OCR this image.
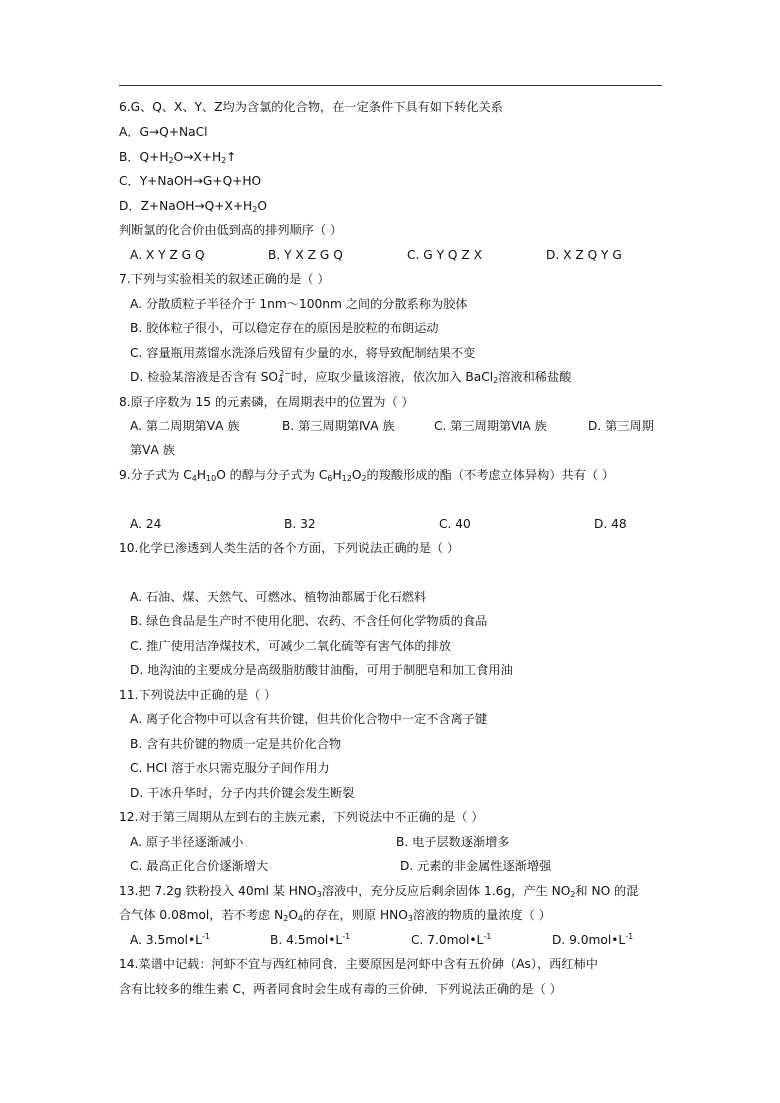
6.G、Q、X、Y、Z均为含氯的化合物，在一定条件下具有如下转化关系
A．G→Q+NaCl
B．$Q+H_2O\to X+H_2↑$
C．Y+NaOH→G+Q+HO
D．$Z+NaOH\to Q+X+H_2O$
判断氯的化合价由低到高的排列顺序（ ）
A. X Y Z G Q	B. Y X Z G Q	C. G Y Q Z X	D. X Z Q Y G
7.下列与实验相关的叙述正确的是（ ）
A. 分散质粒子半径介于 1nm～100nm 之间的分散系称为胶体
B. 胶体粒子很小，可以稳定存在的原因是胶粒的布朗运动
C. 容量瓶用蒸馏水洗涤后残留有少量的水，将导致配制结果不变
D. 检验某溶液是否含有 $SO_4^{2-}$时，应取少量该溶液，依次加入 BaCl$_2$溶液和稀盐酸
8.原子序数为 15 的元素磷，在周期表中的位置为（ ）
A. 第二周期第ⅤA 族	B. 第三周期第ⅣA 族	C. 第三周期第ⅥA 族	D. 第三周期
第ⅤA 族
9.分子式为 $C_4H_{10}O$ 的醇与分子式为 $C_6H_{12}O_2$的羧酸形成的酯（不考虑立体异构）共有（ ）
A. 24	B. 32	C. 40	D. 48
10.化学已渗透到人类生活的各个方面，下列说法正确的是（ ）
A. 石油、煤、天然气、可燃冰、植物油都属于化石燃料
B. 绿色食品是生产时不使用化肥、农药、不含任何化学物质的食品
C. 推广使用洁净煤技术，可减少二氧化硫等有害气体的排放
D. 地沟油的主要成分是高级脂肪酸甘油酯，可用于制肥皂和加工食用油
11.下列说法中正确的是（ ）
A. 离子化合物中可以含有共价键，但共价化合物中一定不含离子键
B. 含有共价键的物质一定是共价化合物
C. HCl 溶于水只需克服分子间作用力
D. 干冰升华时，分子内共价键会发生断裂
12.对于第三周期从左到右的主族元素，下列说法中不正确的是（ ）
A. 原子半径逐渐减小	B. 电子层数逐渐增多
C. 最高正化合价逐渐增大	D. 元素的非金属性逐渐增强
13.把 7.2g 铁粉投入 40ml 某 $HNO_3$溶液中，充分反应后剩余固体 1.6g，产生 $NO_2$和 NO 的混
合气体 0.08mol，若不考虑 $N_2O_4$的存在，则原 $HNO_3$溶液的物质的量浓度（ ）
A. $3.5mol•L^{-1}$	B. $4.5mol•L^{-1}$	C. $7.0mol•L^{-1}$	D. $9.0mol•L^{-1}$
14.菜谱中记载：河虾不宜与西红柿同食．主要原因是河虾中含有五价砷（As），西红柿中
含有比较多的维生素 C，两者同食时会生成有毒的三价砷．下列说法正确的是（ ）
